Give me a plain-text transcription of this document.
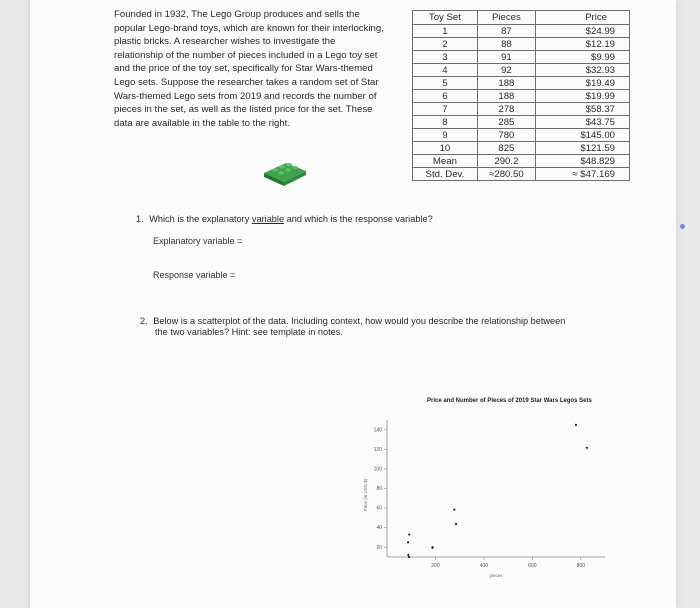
Founded in 1932, The Lego Group produces and sells the popular Lego-brand toys, which are known for their interlocking, plastic bricks. A researcher wishes to investigate the relationship of the number of pieces included in a Lego toy set and the price of the toy set, specifically for Star Wars-themed Lego sets. Suppose the researcher takes a random set of Star Wars-themed Lego sets from 2019 and records the number of pieces in the set, as well as the listed price for the set. These data are available in the table to the right.

Toy Set	Pieces	Price
1	87	$24.99
2	88	$12.19
3	91	$9.99
4	92	$32.93
5	188	$19.49
6	188	$19.99
7	278	$58.37
8	285	$43.75
9	780	$145.00
10	825	$121.59
Mean	290.2	$48.829
Std. Dev.	≈280.50	≈ $47.169
1. Which is the explanatory variable and which is the response variable?
Explanatory variable =
Response variable =
2. Below is a scatterplot of the data. Including context, how would you describe the relationship between
the two variables? Hint: see template in notes.
Price and Number of Pieces of 2019 Star Wars Legos Sets
20
40
60
80
100
120
140
200	400	600	800
Price (in USD $)
pieces
